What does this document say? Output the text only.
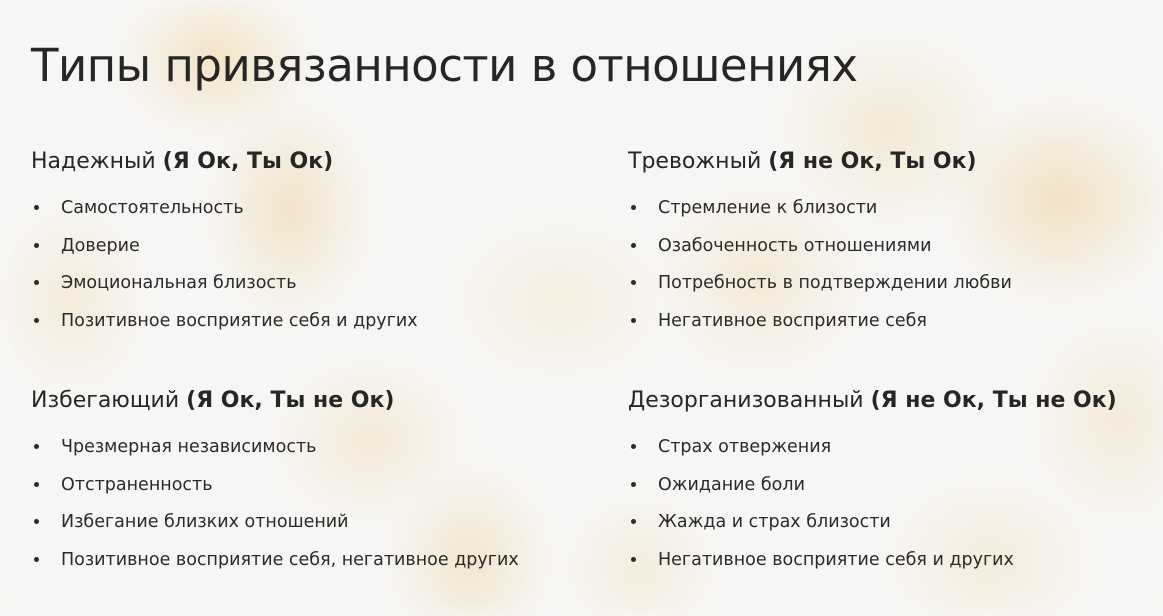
Типы привязанности в отношениях
Надежный (Я Ок, Ты Ок)
Самостоятельность
Доверие
Эмоциональная близость
Позитивное восприятие себя и других
Тревожный (Я не Ок, Ты Ок)
Стремление к близости
Озабоченность отношениями
Потребность в подтверждении любви
Негативное восприятие себя
Избегающий (Я Ок, Ты не Ок)
Чрезмерная независимость
Отстраненность
Избегание близких отношений
Позитивное восприятие себя, негативное других
Дезорганизованный (Я не Ок, Ты не Ок)
Страх отвержения
Ожидание боли
Жажда и страх близости
Негативное восприятие себя и других
